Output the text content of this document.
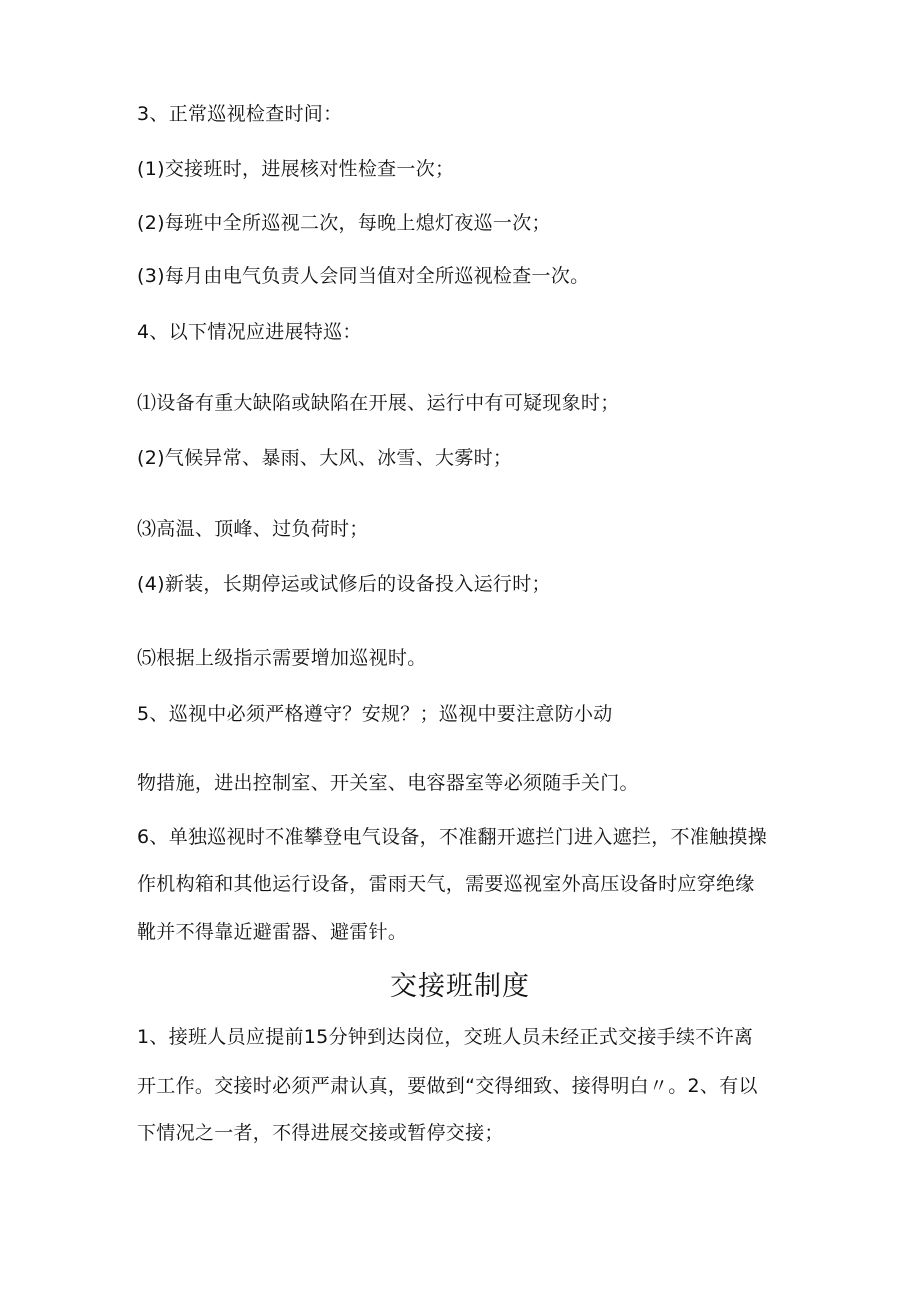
3、正常巡视检查时间：
(1)交接班时，进展核对性检查一次；
(2)每班中全所巡视二次，每晚上熄灯夜巡一次；
(3)每月由电气负责人会同当值对全所巡视检查一次。
4、以下情况应进展特巡：
⑴设备有重大缺陷或缺陷在开展、运行中有可疑现象时；
(2)气候异常、暴雨、大风、冰雪、大雾时；
⑶高温、顶峰、过负荷时；
(4)新装，长期停运或试修后的设备投入运行时；
⑸根据上级指示需要增加巡视时。
5、巡视中必须严格遵守？安规？；巡视中要注意防小动
物措施，进出控制室、开关室、电容器室等必须随手关门。
6、单独巡视时不准攀登电气设备，不准翻开遮拦门进入遮拦，不准触摸操
作机构箱和其他运行设备，雷雨天气，需要巡视室外高压设备时应穿绝缘
靴并不得靠近避雷器、避雷针。
交接班制度
1、接班人员应提前15分钟到达岗位，交班人员未经正式交接手续不许离
开工作。交接时必须严肃认真，要做到“交得细致、接得明白〃。2、有以
下情况之一者，不得进展交接或暂停交接；
